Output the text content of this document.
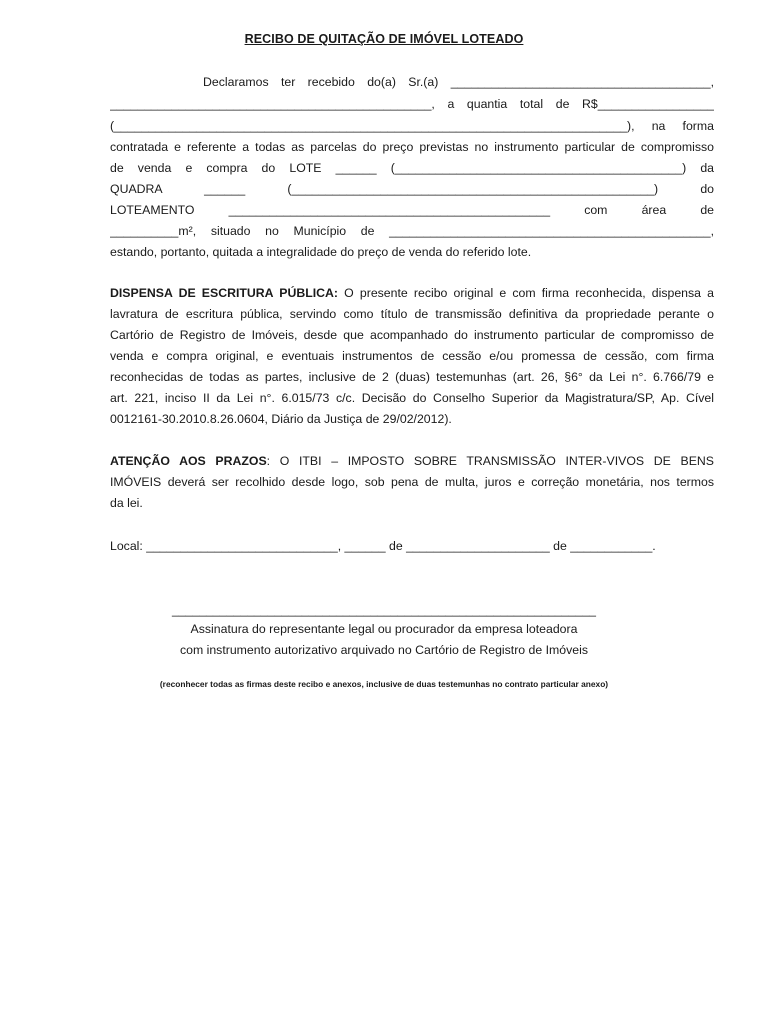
RECIBO DE QUITAÇÃO DE IMÓVEL LOTEADO
Declaramos ter recebido do(a) Sr.(a) ______________________________________,
_______________________________________________, a quantia total de R$_________________
(___________________________________________________________________________), na forma
contratada e referente a todas as parcelas do preço previstas no instrumento particular de compromisso
de venda e compra do LOTE ______ (__________________________________________) da
QUADRA ______ (_____________________________________________________) do
LOTEAMENTO _______________________________________________ com área de
__________m², situado no Município de _______________________________________________,
estando, portanto, quitada a integralidade do preço de venda do referido lote.
DISPENSA DE ESCRITURA PÚBLICA: O presente recibo original e com firma reconhecida, dispensa a
lavratura de escritura pública, servindo como título de transmissão definitiva da propriedade perante o
Cartório de Registro de Imóveis, desde que acompanhado do instrumento particular de compromisso de
venda e compra original, e eventuais instrumentos de cessão e/ou promessa de cessão, com firma
reconhecidas de todas as partes, inclusive de 2 (duas) testemunhas (art. 26, §6° da Lei n°. 6.766/79 e
art. 221, inciso II da Lei n°. 6.015/73 c/c. Decisão do Conselho Superior da Magistratura/SP, Ap. Cível
0012161-30.2010.8.26.0604, Diário da Justiça de 29/02/2012).
ATENÇÃO AOS PRAZOS: O ITBI – IMPOSTO SOBRE TRANSMISSÃO INTER-VIVOS DE BENS
IMÓVEIS deverá ser recolhido desde logo, sob pena de multa, juros e correção monetária, nos termos
da lei.
Local: ____________________________, ______ de _____________________ de ____________.
______________________________________________________________
Assinatura do representante legal ou procurador da empresa loteadora
com instrumento autorizativo arquivado no Cartório de Registro de Imóveis
(reconhecer todas as firmas deste recibo e anexos, inclusive de duas testemunhas no contrato particular anexo)
